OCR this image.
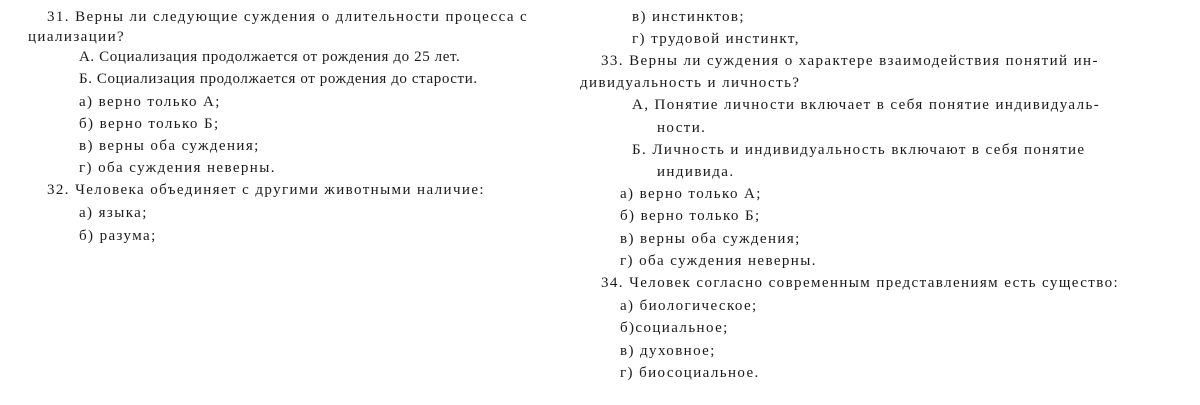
31. Верны ли следующие суждения о длительности процесса с
циализации?
А. Социализация продолжается от рождения до 25 лет.
Б. Социализация продолжается от рождения до старости.
а) верно только А;
б) верно только Б;
в) верны оба суждения;
г) оба суждения неверны.
32. Человека объединяет с другими животными наличие:
а) языка;
б) разума;
в) инстинктов;
г) трудовой инстинкт,
33. Верны ли суждения о характере взаимодействия понятий ин-
дивидуальность и личность?
А, Понятие личности включает в себя понятие индивидуаль-
ности.
Б. Личность и индивидуальность включают в себя понятие
индивида.
а) верно только А;
б) верно только Б;
в) верны оба суждения;
г) оба суждения неверны.
34. Человек согласно современным представлениям есть существо:
а) биологическое;
б)социальное;
в) духовное;
г) биосоциальное.
